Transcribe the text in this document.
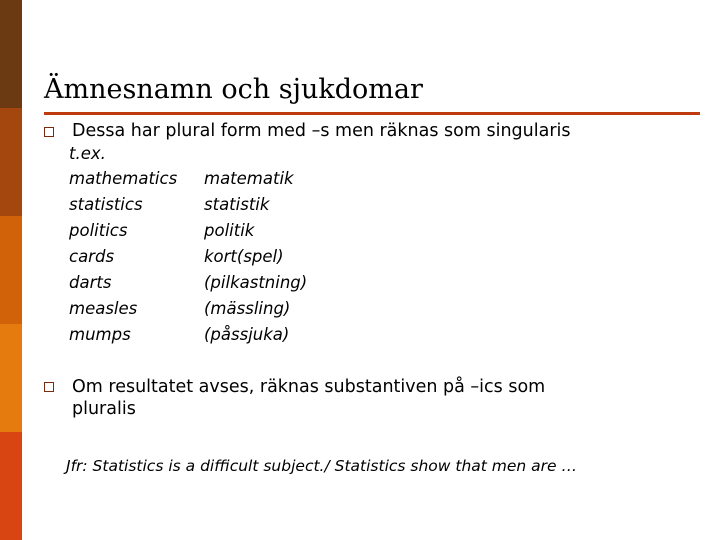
Ämnesnamn och sjukdomar
Dessa har plural form med –s men räknas som singularis
t.ex.
mathematics matematik
statistics	statistik
politics	politik
cards	kort(spel)
darts	(pilkastning)
measles	(mässling)
mumps	(påssjuka)
Om resultatet avses, räknas substantiven på –ics som
pluralis
Jfr: Statistics is a difficult subject./ Statistics show that men are …
